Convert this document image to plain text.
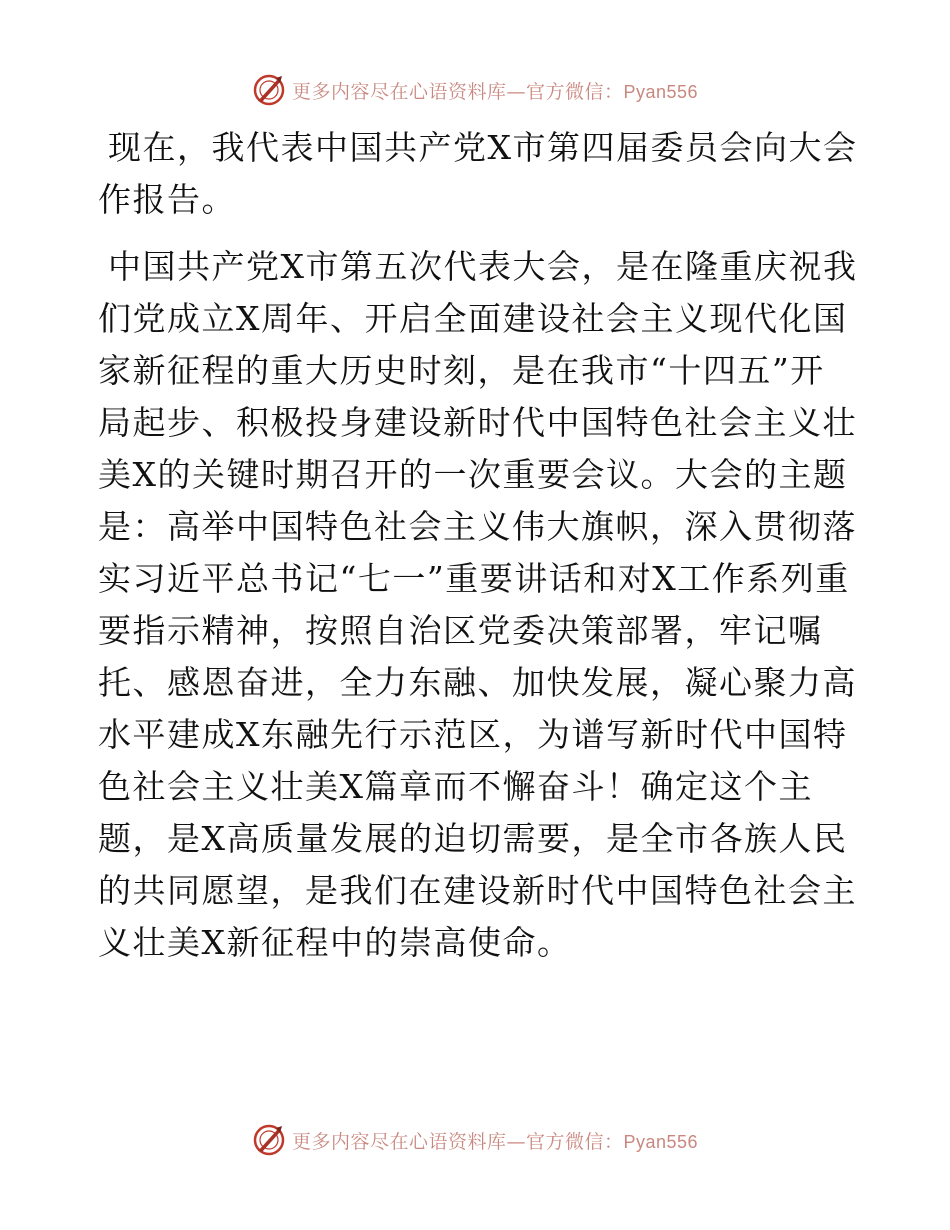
更多内容尽在心语资料库—官方微信：Pyan556

现在，我代表中国共产党X市第四届委员会向大会作报告。

中国共产党X市第五次代表大会，是在隆重庆祝我们党成立X周年、开启全面建设社会主义现代化国家新征程的重大历史时刻，是在我市“十四五”开局起步、积极投身建设新时代中国特色社会主义壮美X的关键时期召开的一次重要会议。大会的主题是：高举中国特色社会主义伟大旗帜，深入贯彻落实习近平总书记“七一”重要讲话和对X工作系列重要指示精神，按照自治区党委决策部署，牢记嘱托、感恩奋进，全力东融、加快发展，凝心聚力高水平建成X东融先行示范区，为谱写新时代中国特色社会主义壮美X篇章而不懈奋斗！确定这个主题，是X高质量发展的迫切需要，是全市各族人民的共同愿望，是我们在建设新时代中国特色社会主义壮美X新征程中的崇高使命。

更多内容尽在心语资料库—官方微信：Pyan556
